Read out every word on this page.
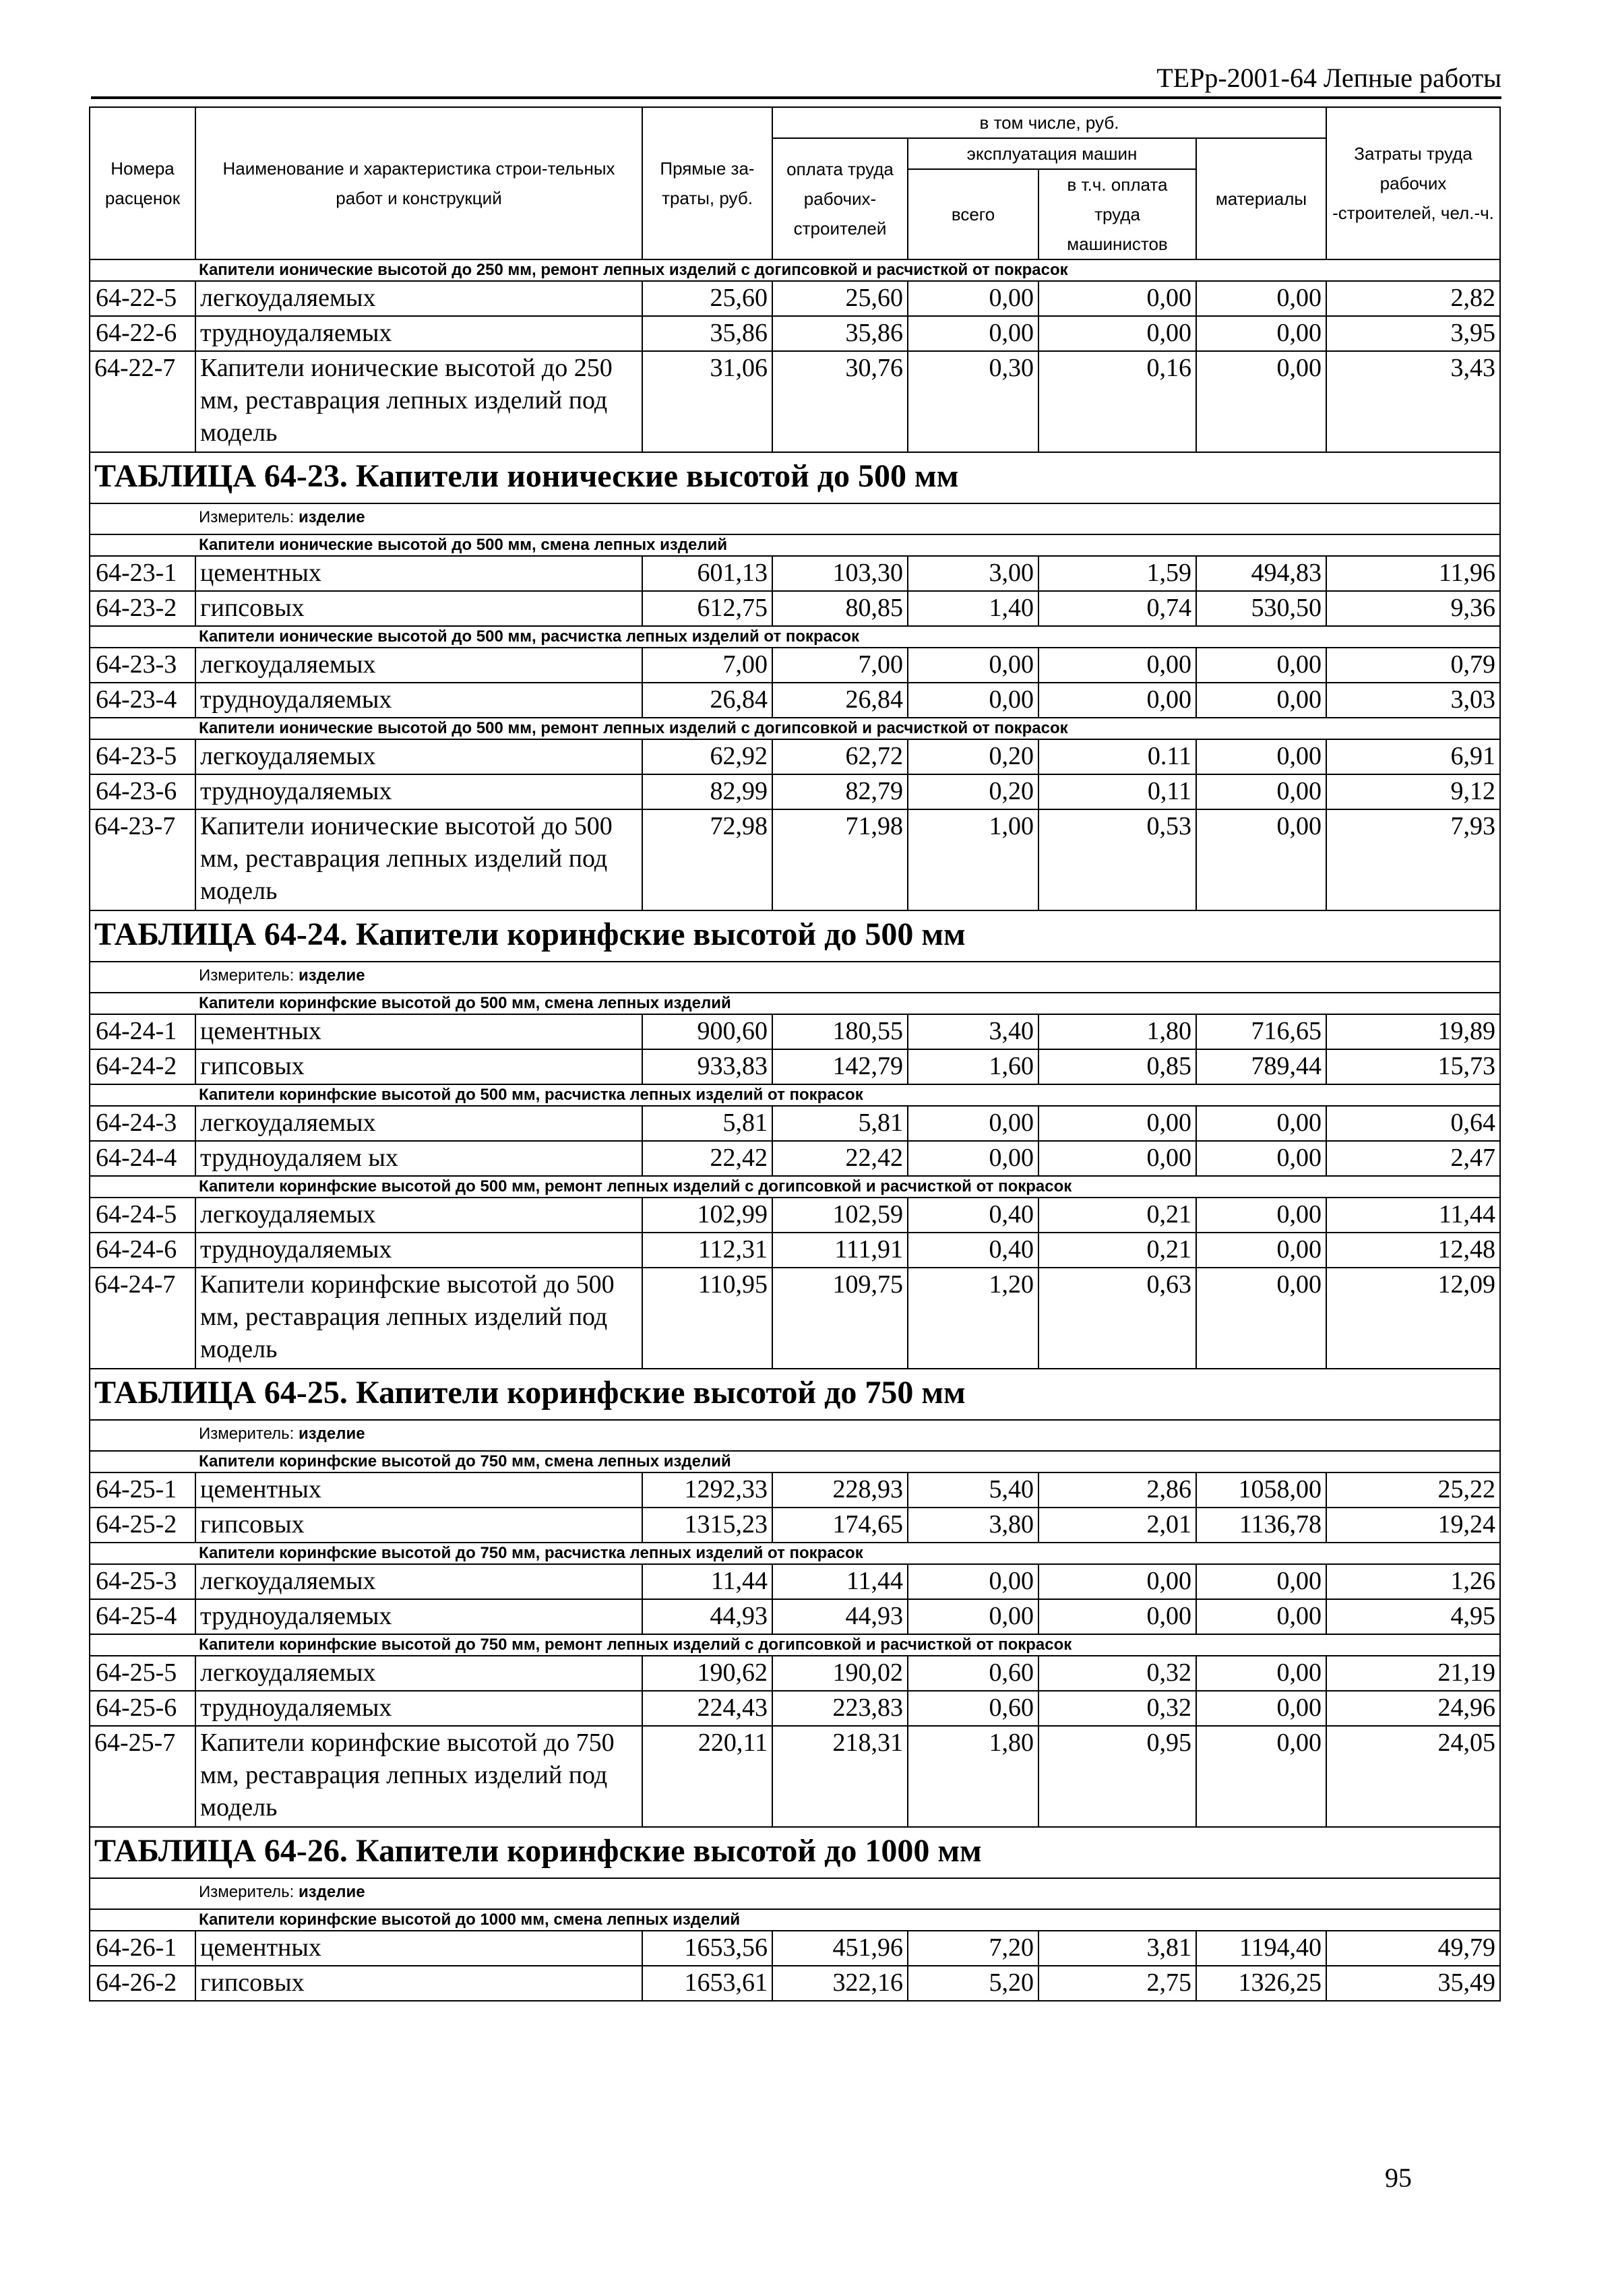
ТЕРр-2001-64 Лепные работы
Номера расценок	Наименование и характеристика строи-тельных работ и конструкций	Прямые за-траты, руб.	в том числе, руб.				Затраты труда рабочих -строителей, чел.-ч.
			оплата труда рабочих-строителей	эксплуатация машин		материалы	
				всего	в т.ч. оплата труда машинистов		

Капители ионические высотой до 250 мм, ремонт лепных изделий с догипсовкой и расчисткой от покрасок							
64-22-5	легкоудаляемых	25,60	25,60	0,00	0,00	0,00	2,82
64-22-6	трудноудаляемых	35,86	35,86	0,00	0,00	0,00	3,95
64-22-7	Капители ионические высотой до 250 мм, реставрация лепных изделий под модель	31,06	30,76	0,30	0,16	0,00	3,43
ТАБЛИЦА 64-23. Капители ионические высотой до 500 мм							
Измеритель: изделие							
Капители ионические высотой до 500 мм, смена лепных изделий							
64-23-1	цементных	601,13	103,30	3,00	1,59	494,83	11,96
64-23-2	гипсовых	612,75	80,85	1,40	0,74	530,50	9,36
Капители ионические высотой до 500 мм, расчистка лепных изделий от покрасок							
64-23-3	легкоудаляемых	7,00	7,00	0,00	0,00	0,00	0,79
64-23-4	трудноудаляемых	26,84	26,84	0,00	0,00	0,00	3,03
Капители ионические высотой до 500 мм, ремонт лепных изделий с догипсовкой и расчисткой от покрасок							
64-23-5	легкоудаляемых	62,92	62,72	0,20	0.11	0,00	6,91
64-23-6	трудноудаляемых	82,99	82,79	0,20	0,11	0,00	9,12
64-23-7	Капители ионические высотой до 500 мм, реставрация лепных изделий под модель	72,98	71,98	1,00	0,53	0,00	7,93
ТАБЛИЦА 64-24. Капители коринфские высотой до 500 мм							
Измеритель: изделие							
Капители коринфские высотой до 500 мм, смена лепных изделий							
64-24-1	цементных	900,60	180,55	3,40	1,80	716,65	19,89
64-24-2	гипсовых	933,83	142,79	1,60	0,85	789,44	15,73
Капители коринфские высотой до 500 мм, расчистка лепных изделий от покрасок							
64-24-3	легкоудаляемых	5,81	5,81	0,00	0,00	0,00	0,64
64-24-4	трудноудаляем ых	22,42	22,42	0,00	0,00	0,00	2,47
Капители коринфские высотой до 500 мм, ремонт лепных изделий с догипсовкой и расчисткой от покрасок							
64-24-5	легкоудаляемых	102,99	102,59	0,40	0,21	0,00	11,44
64-24-6	трудноудаляемых	112,31	111,91	0,40	0,21	0,00	12,48
64-24-7	Капители коринфские высотой до 500 мм, реставрация лепных изделий под модель	110,95	109,75	1,20	0,63	0,00	12,09
ТАБЛИЦА 64-25. Капители коринфские высотой до 750 мм							
Измеритель: изделие							
Капители коринфские высотой до 750 мм, смена лепных изделий							
64-25-1	цементных	1292,33	228,93	5,40	2,86	1058,00	25,22
64-25-2	гипсовых	1315,23	174,65	3,80	2,01	1136,78	19,24
Капители коринфские высотой до 750 мм, расчистка лепных изделий от покрасок							
64-25-3	легкоудаляемых	11,44	11,44	0,00	0,00	0,00	1,26
64-25-4	трудноудаляемых	44,93	44,93	0,00	0,00	0,00	4,95
Капители коринфские высотой до 750 мм, ремонт лепных изделий с догипсовкой и расчисткой от покрасок							
64-25-5	легкоудаляемых	190,62	190,02	0,60	0,32	0,00	21,19
64-25-6	трудноудаляемых	224,43	223,83	0,60	0,32	0,00	24,96
64-25-7	Капители коринфские высотой до 750 мм, реставрация лепных изделий под модель	220,11	218,31	1,80	0,95	0,00	24,05
ТАБЛИЦА 64-26. Капители коринфские высотой до 1000 мм							
Измеритель: изделие							
Капители коринфские высотой до 1000 мм, смена лепных изделий							
64-26-1	цементных	1653,56	451,96	7,20	3,81	1194,40	49,79
64-26-2	гипсовых	1653,61	322,16	5,20	2,75	1326,25	35,49
95
